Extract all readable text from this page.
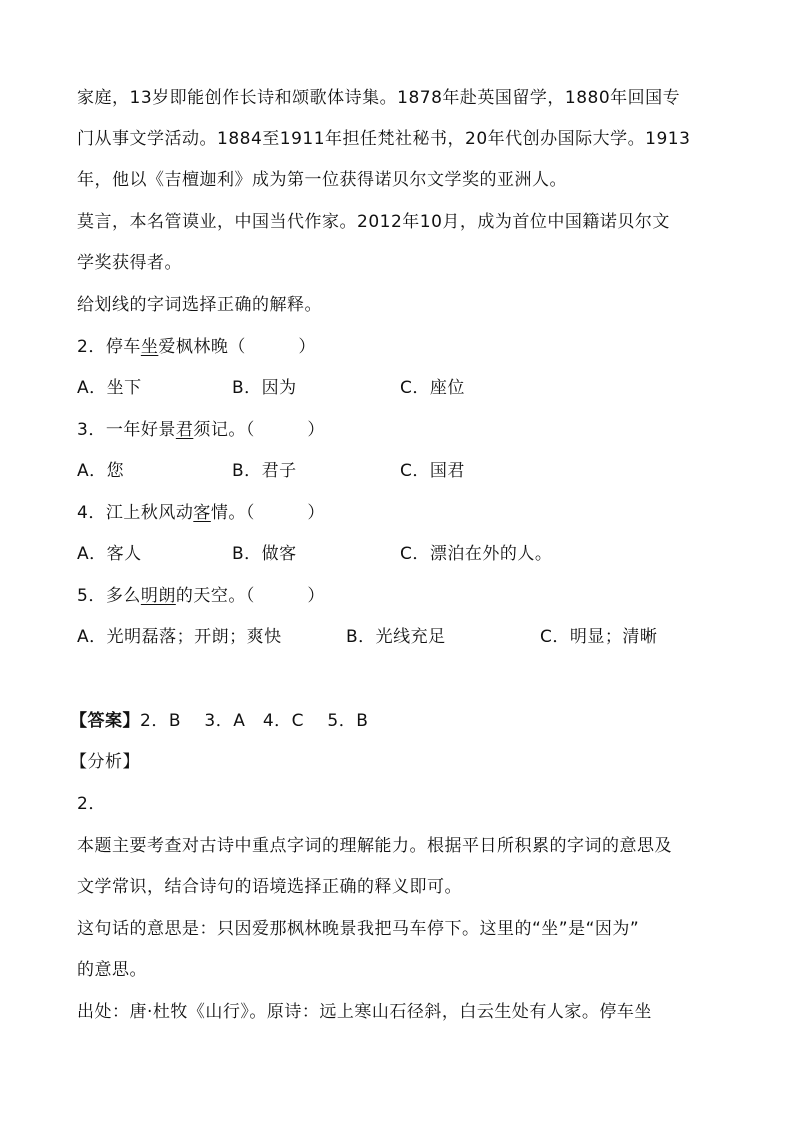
家庭，13岁即能创作长诗和颂歌体诗集。1878年赴英国留学，1880年回国专
门从事文学活动。1884至1911年担任梵社秘书，20年代创办国际大学。1913
年，他以《吉檀迦利》成为第一位获得诺贝尔文学奖的亚洲人。
莫言，本名管谟业，中国当代作家。2012年10月，成为首位中国籍诺贝尔文
学奖获得者。
给划线的字词选择正确的解释。
2．停车坐爱枫林晚（　　　）
A．坐下	B．因为	C．座位
3．一年好景君须记。（　　　）
A．您	B．君子	C．国君
4．江上秋风动客情。（　　　）
A．客人	B．做客	C．漂泊在外的人。
5．多么明朗的天空。（　　　）
A．光明磊落；开朗；爽快	B．光线充足	C．明显；清晰
【答案】2．B　 3．A　4．C　 5．B
【分析】
2．
本题主要考查对古诗中重点字词的理解能力。根据平日所积累的字词的意思及
文学常识，结合诗句的语境选择正确的释义即可。
这句话的意思是：只因爱那枫林晚景我把马车停下。这里的“坐”是“因为”
的意思。
出处：唐·杜牧《山行》。原诗：远上寒山石径斜，白云生处有人家。停车坐
